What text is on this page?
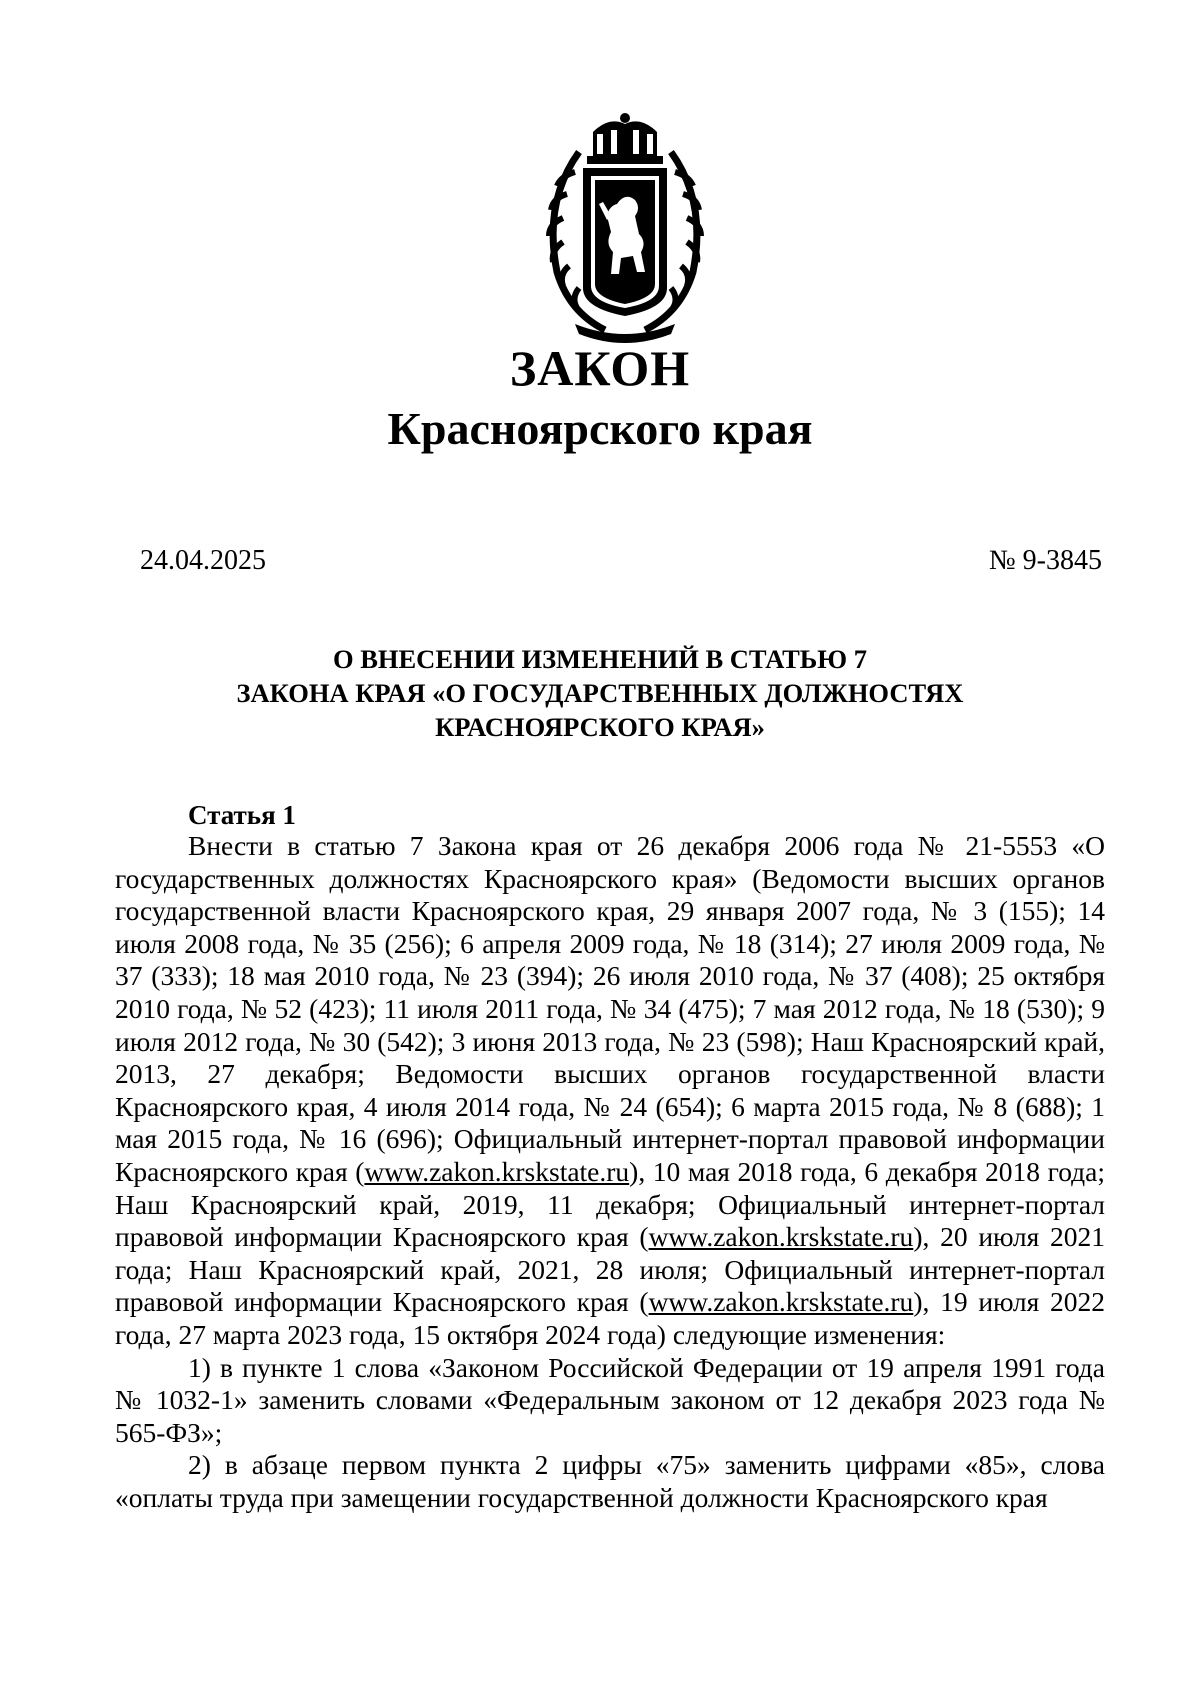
ЗАКОН
Красноярского края
24.04.2025	№ 9-3845
О ВНЕСЕНИИ ИЗМЕНЕНИЙ В СТАТЬЮ 7
ЗАКОНА КРАЯ «О ГОСУДАРСТВЕННЫХ ДОЛЖНОСТЯХ
КРАСНОЯРСКОГО КРАЯ»
Статья 1

Внести в статью 7 Закона края от 26 декабря 2006 года № 21-5553 «О государственных должностях Красноярского края» (Ведомости высших органов государственной власти Красноярского края, 29 января 2007 года, № 3 (155); 14 июля 2008 года, № 35 (256); 6 апреля 2009 года, № 18 (314); 27 июля 2009 года, № 37 (333); 18 мая 2010 года, № 23 (394); 26 июля 2010 года, № 37 (408); 25 октября 2010 года, № 52 (423); 11 июля 2011 года, № 34 (475); 7 мая 2012 года, № 18 (530); 9 июля 2012 года, № 30 (542); 3 июня 2013 года, № 23 (598); Наш Красноярский край, 2013, 27 декабря; Ведомости высших органов государственной власти Красноярского края, 4 июля 2014 года, № 24 (654); 6 марта 2015 года, № 8 (688); 1 мая 2015 года, № 16 (696); Официальный интернет-портал правовой информации Красноярского края (www.zakon.krskstate.ru), 10 мая 2018 года, 6 декабря 2018 года; Наш Красноярский край, 2019, 11 декабря; Официальный интернет-портал правовой информации Красноярского края (www.zakon.krskstate.ru), 20 июля 2021 года; Наш Красноярский край, 2021, 28 июля; Официальный интернет-портал правовой информации Красноярского края (www.zakon.krskstate.ru), 19 июля 2022 года, 27 марта 2023 года, 15 октября 2024 года) следующие изменения:

1) в пункте 1 слова «Законом Российской Федерации от 19 апреля 1991 года № 1032-1» заменить словами «Федеральным законом от 12 декабря 2023 года № 565-ФЗ»;

2) в абзаце первом пункта 2 цифры «75» заменить цифрами «85», слова «оплаты труда при замещении государственной должности Красноярского края
